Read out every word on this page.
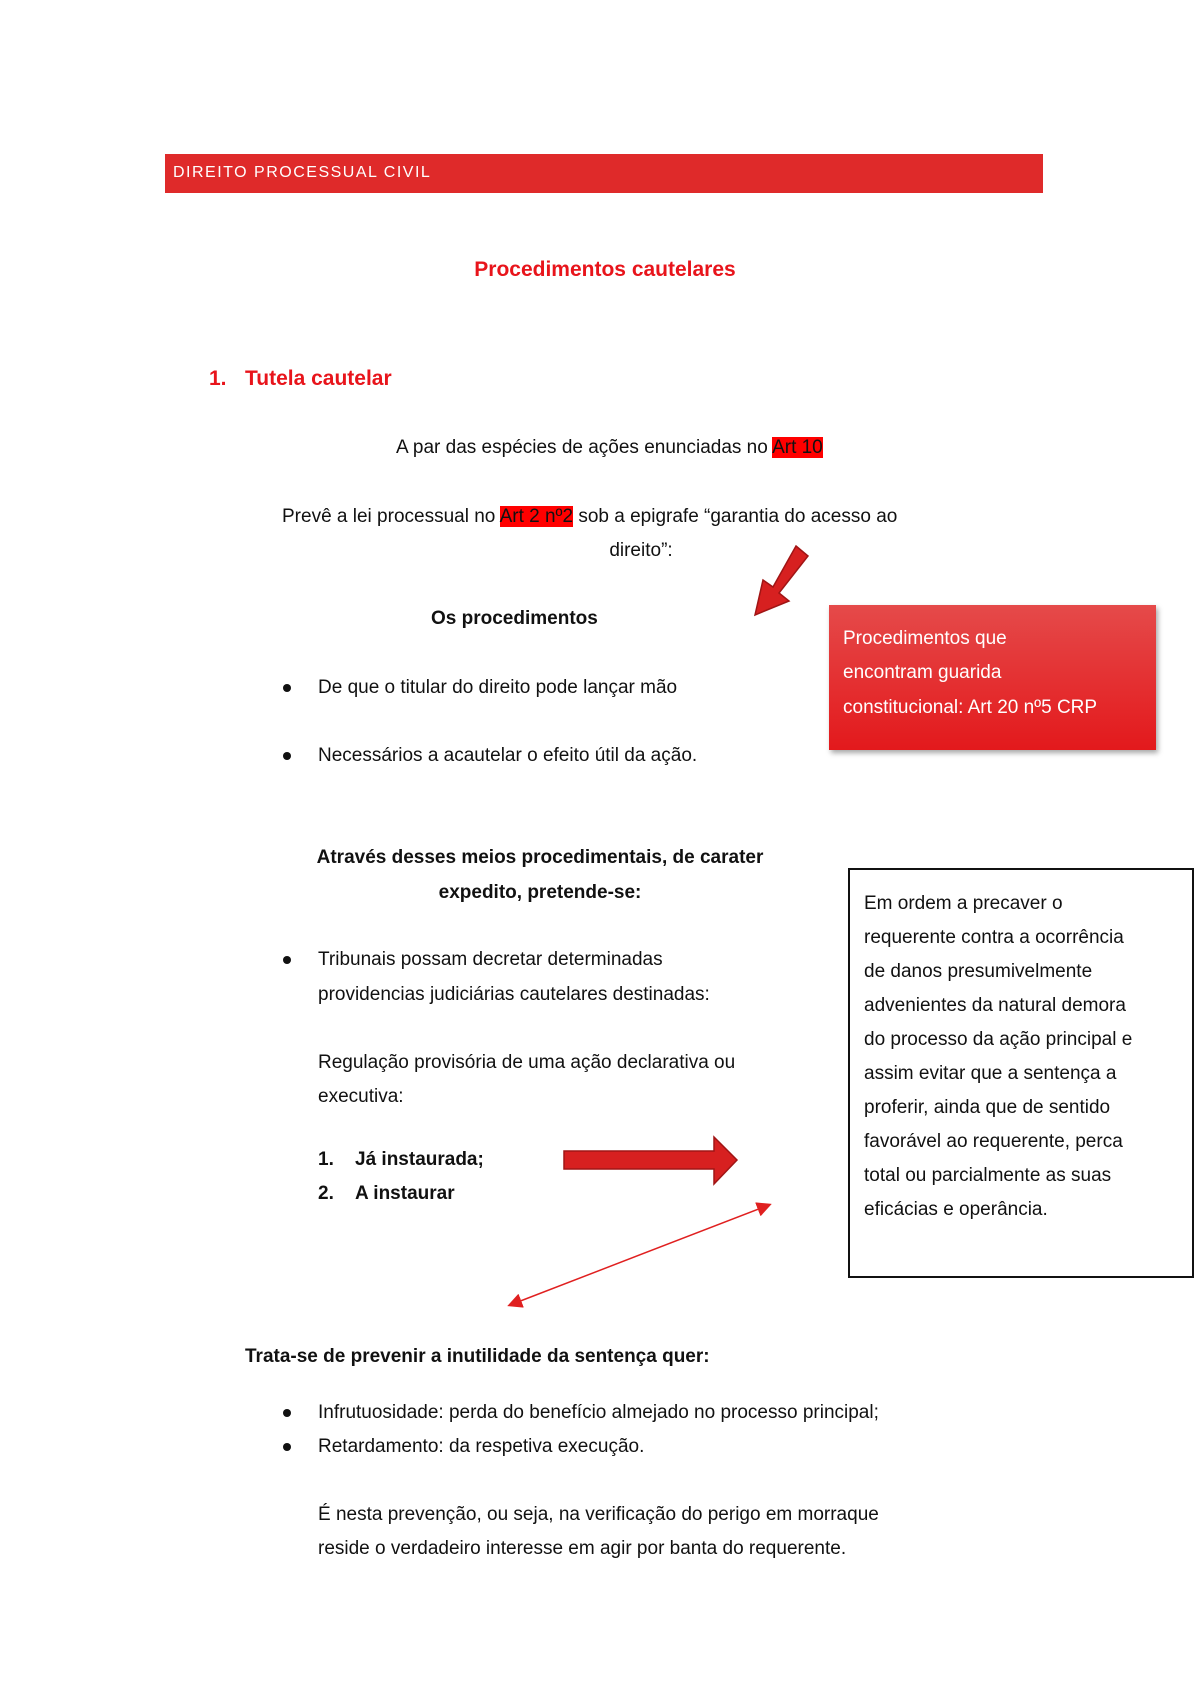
DIREITO PROCESSUAL CIVIL
Procedimentos cautelares
1. Tutela cautelar
A par das espécies de ações enunciadas no Art 10
Prevê a lei processual no Art 2 nº2 sob a epigrafe “garantia do acesso ao
direito”:
Os procedimentos
De que o titular do direito pode lançar mão
Necessários a acautelar o efeito útil da ação.
Procedimentos que
encontram guarida
constitucional: Art 20 nº5 CRP
Através desses meios procedimentais, de carater
expedito, pretende-se:
Tribunais possam decretar determinadas
providencias judiciárias cautelares destinadas:
Regulação provisória de uma ação declarativa ou
executiva:
1. Já instaurada;
2. A instaurar
Em ordem a precaver o
requerente contra a ocorrência
de danos presumivelmente
advenientes da natural demora
do processo da ação principal e
assim evitar que a sentença a
proferir, ainda que de sentido
favorável ao requerente, perca
total ou parcialmente as suas
eficácias e operância.
Trata-se de prevenir a inutilidade da sentença quer:
Infrutuosidade: perda do benefício almejado no processo principal;
Retardamento: da respetiva execução.
É nesta prevenção, ou seja, na verificação do perigo em morraque
reside o verdadeiro interesse em agir por banta do requerente.
